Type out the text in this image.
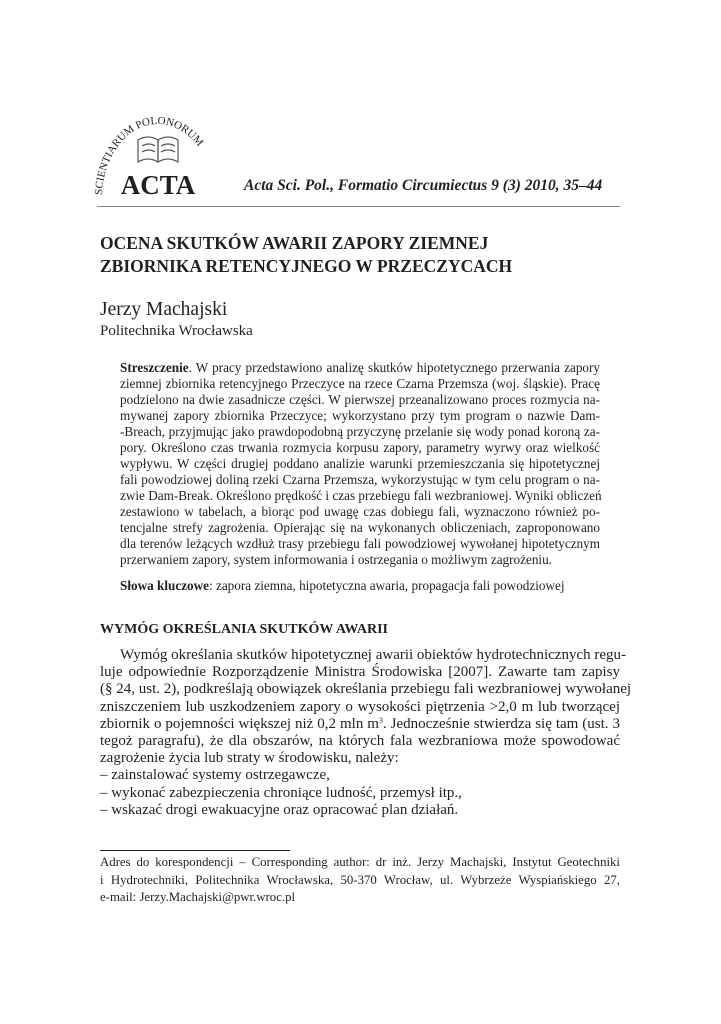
SCIENTIARUM POLONORUM
ACTA	Acta Sci. Pol., Formatio Circumiectus 9 (3) 2010, 35–44
OCENA SKUTKÓW AWARII ZAPORY ZIEMNEJ
ZBIORNIKA RETENCYJNEGO W PRZECZYCACH
Jerzy Machajski
Politechnika Wrocławska
Streszczenie. W pracy przedstawiono analizę skutków hipotetycznego przerwania zapory
ziemnej zbiornika retencyjnego Przeczyce na rzece Czarna Przemsza (woj. śląskie). Pracę
podzielono na dwie zasadnicze części. W pierwszej przeanalizowano proces rozmycia na-
mywanej zapory zbiornika Przeczyce; wykorzystano przy tym program o nazwie Dam-
-Breach, przyjmując jako prawdopodobną przyczynę przelanie się wody ponad koroną za-
pory. Określono czas trwania rozmycia korpusu zapory, parametry wyrwy oraz wielkość
wypływu. W części drugiej poddano analizie warunki przemieszczania się hipotetycznej
fali powodziowej doliną rzeki Czarna Przemsza, wykorzystując w tym celu program o na-
zwie Dam-Break. Określono prędkość i czas przebiegu fali wezbraniowej. Wyniki obliczeń
zestawiono w tabelach, a biorąc pod uwagę czas dobiegu fali, wyznaczono również po-
tencjalne strefy zagrożenia. Opierając się na wykonanych obliczeniach, zaproponowano
dla terenów leżących wzdłuż trasy przebiegu fali powodziowej wywołanej hipotetycznym
przerwaniem zapory, system informowania i ostrzegania o możliwym zagrożeniu.
Słowa kluczowe: zapora ziemna, hipotetyczna awaria, propagacja fali powodziowej
WYMÓG OKREŚLANIA SKUTKÓW AWARII
Wymóg określania skutków hipotetycznej awarii obiektów hydrotechnicznych regu-
luje odpowiednie Rozporządzenie Ministra Środowiska [2007]. Zawarte tam zapisy
(§ 24, ust. 2), podkreślają obowiązek określania przebiegu fali wezbraniowej wywołanej
zniszczeniem lub uszkodzeniem zapory o wysokości piętrzenia >2,0 m lub tworzącej
zbiornik o pojemności większej niż 0,2 mln $m^3$. Jednocześnie stwierdza się tam (ust. 3
tegoż paragrafu), że dla obszarów, na których fala wezbraniowa może spowodować
zagrożenie życia lub straty w środowisku, należy:
– zainstalować systemy ostrzegawcze,
– wykonać zabezpieczenia chroniące ludność, przemysł itp.,
– wskazać drogi ewakuacyjne oraz opracować plan działań.
Adres do korespondencji – Corresponding author: dr inż. Jerzy Machajski, Instytut Geotechniki
i Hydrotechniki, Politechnika Wrocławska, 50-370 Wrocław, ul. Wybrzeże Wyspiańskiego 27,
e-mail: Jerzy.Machajski@pwr.wroc.pl
